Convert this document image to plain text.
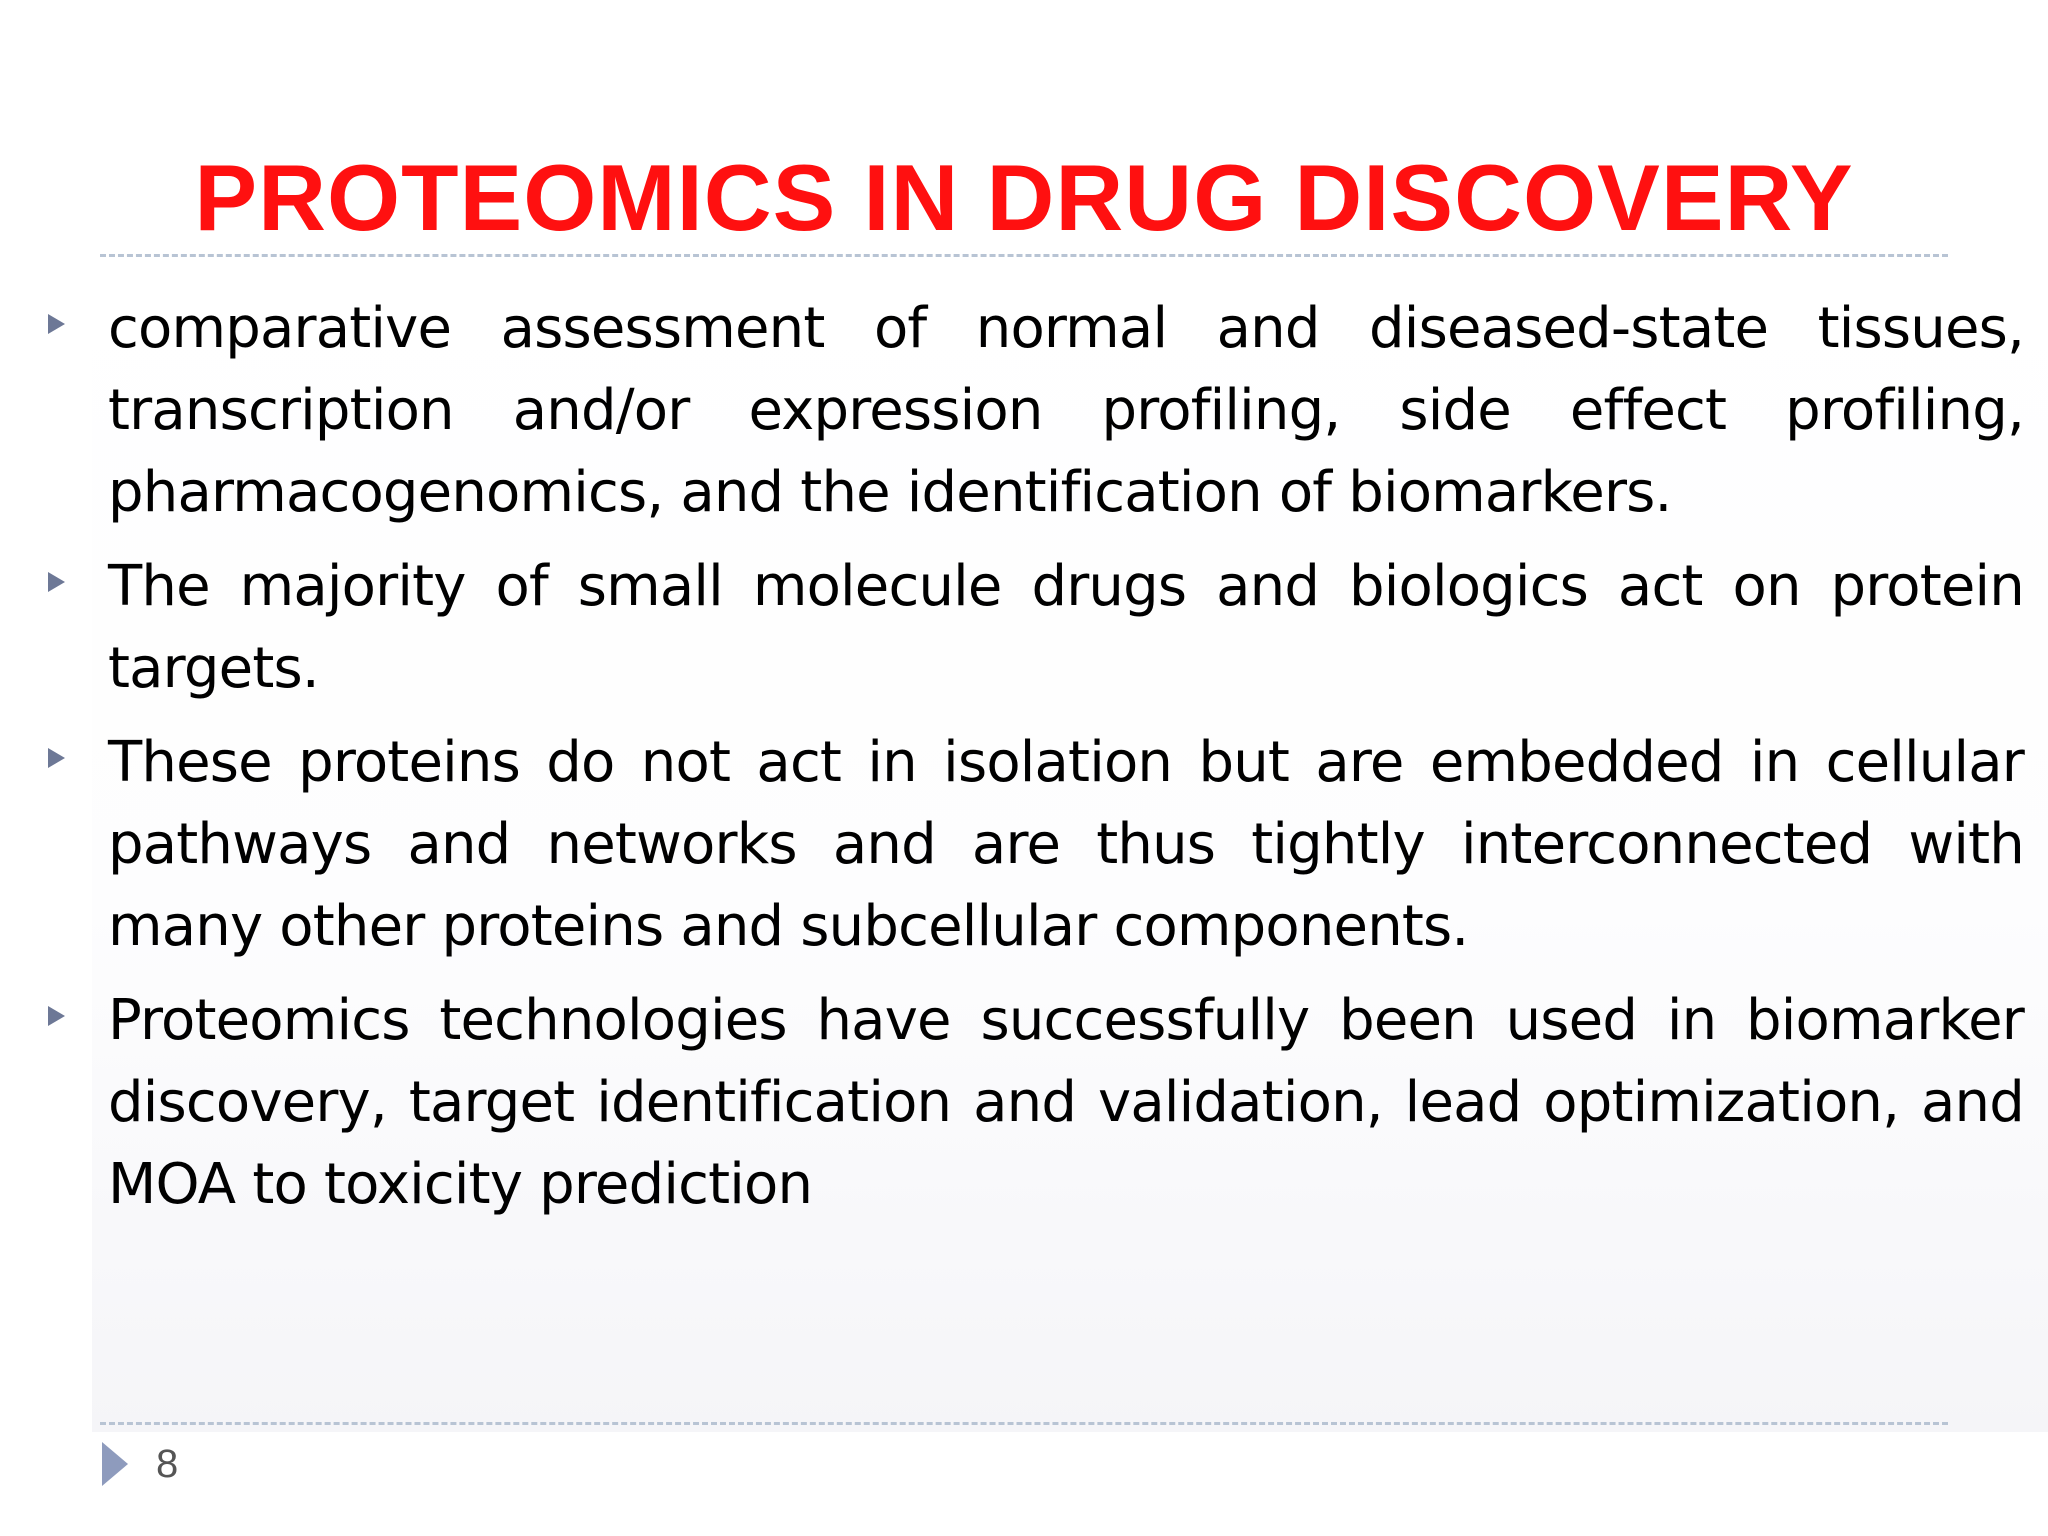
PROTEOMICS IN DRUG DISCOVERY
comparative assessment of normal and diseased-state tissues, transcription and/or expression profiling, side effect profiling, pharmacogenomics, and the identification of biomarkers.
The majority of small molecule drugs and biologics act on protein targets.
These proteins do not act in isolation but are embedded in cellular pathways and networks and are thus tightly interconnected with many other proteins and subcellular components.
Proteomics technologies have successfully been used in biomarker discovery, target identification and validation, lead optimization, and MOA to toxicity prediction
8
